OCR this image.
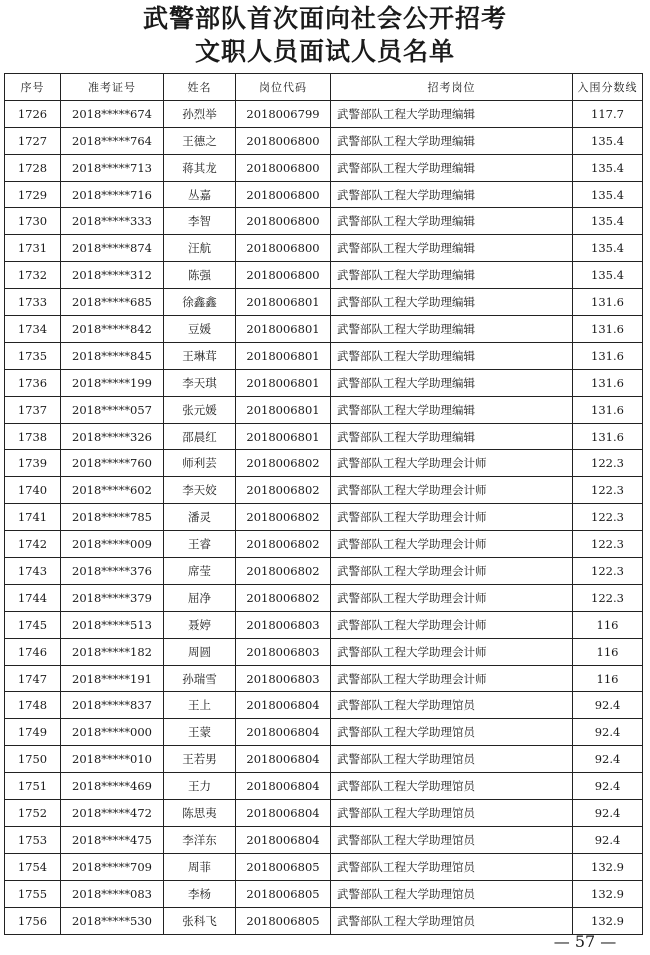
武警部队首次面向社会公开招考
文职人员面试人员名单
序号	准考证号	姓名	岗位代码	招考岗位	入围分数线
1726	2018*****674	孙烈举	2018006799	武警部队工程大学助理编辑	117.7
1727	2018*****764	王德之	2018006800	武警部队工程大学助理编辑	135.4
1728	2018*****713	蒋其龙	2018006800	武警部队工程大学助理编辑	135.4
1729	2018*****716	丛嘉	2018006800	武警部队工程大学助理编辑	135.4
1730	2018*****333	李智	2018006800	武警部队工程大学助理编辑	135.4
1731	2018*****874	汪航	2018006800	武警部队工程大学助理编辑	135.4
1732	2018*****312	陈强	2018006800	武警部队工程大学助理编辑	135.4
1733	2018*****685	徐鑫鑫	2018006801	武警部队工程大学助理编辑	131.6
1734	2018*****842	豆媛	2018006801	武警部队工程大学助理编辑	131.6
1735	2018*****845	王琳茸	2018006801	武警部队工程大学助理编辑	131.6
1736	2018*****199	李天琪	2018006801	武警部队工程大学助理编辑	131.6
1737	2018*****057	张元媛	2018006801	武警部队工程大学助理编辑	131.6
1738	2018*****326	邵晨红	2018006801	武警部队工程大学助理编辑	131.6
1739	2018*****760	师利芸	2018006802	武警部队工程大学助理会计师	122.3
1740	2018*****602	李天姣	2018006802	武警部队工程大学助理会计师	122.3
1741	2018*****785	潘灵	2018006802	武警部队工程大学助理会计师	122.3
1742	2018*****009	王睿	2018006802	武警部队工程大学助理会计师	122.3
1743	2018*****376	席莹	2018006802	武警部队工程大学助理会计师	122.3
1744	2018*****379	屈净	2018006802	武警部队工程大学助理会计师	122.3
1745	2018*****513	聂婷	2018006803	武警部队工程大学助理会计师	116
1746	2018*****182	周圆	2018006803	武警部队工程大学助理会计师	116
1747	2018*****191	孙瑞雪	2018006803	武警部队工程大学助理会计师	116
1748	2018*****837	王上	2018006804	武警部队工程大学助理馆员	92.4
1749	2018*****000	王蒙	2018006804	武警部队工程大学助理馆员	92.4
1750	2018*****010	王若男	2018006804	武警部队工程大学助理馆员	92.4
1751	2018*****469	王力	2018006804	武警部队工程大学助理馆员	92.4
1752	2018*****472	陈思夷	2018006804	武警部队工程大学助理馆员	92.4
1753	2018*****475	李洋东	2018006804	武警部队工程大学助理馆员	92.4
1754	2018*****709	周菲	2018006805	武警部队工程大学助理馆员	132.9
1755	2018*****083	李杨	2018006805	武警部队工程大学助理馆员	132.9
1756	2018*****530	张科飞	2018006805	武警部队工程大学助理馆员	132.9
— 57 —
